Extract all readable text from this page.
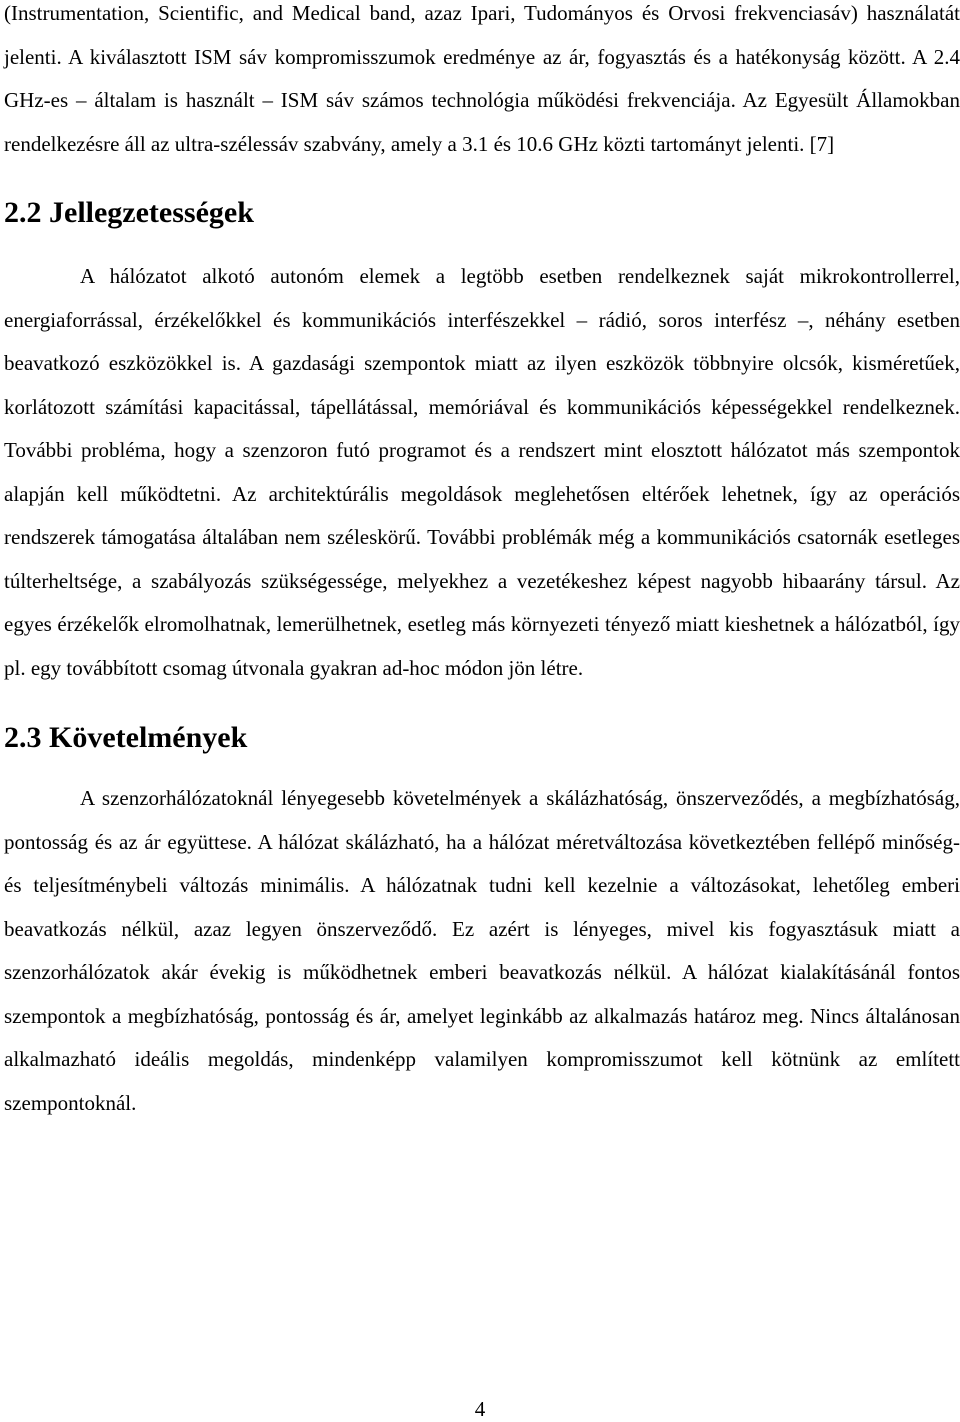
(Instrumentation, Scientific, and Medical band, azaz Ipari, Tudományos és Orvosi frekvenciasáv) használatát jelenti. A kiválasztott ISM sáv kompromisszumok eredménye az ár, fogyasztás és a hatékonyság között. A 2.4 GHz-es – általam is használt – ISM sáv számos technológia működési frekvenciája. Az Egyesült Államokban rendelkezésre áll az ultra-szélessáv szabvány, amely a 3.1 és 10.6 GHz közti tartományt jelenti. [7]

2.2 Jellegzetességek

A hálózatot alkotó autonóm elemek a legtöbb esetben rendelkeznek saját mikrokontrollerrel, energiaforrással, érzékelőkkel és kommunikációs interfészekkel – rádió, soros interfész –, néhány esetben beavatkozó eszközökkel is. A gazdasági szempontok miatt az ilyen eszközök többnyire olcsók, kisméretűek, korlátozott számítási kapacitással, tápellátással, memóriával és kommunikációs képességekkel rendelkeznek. További probléma, hogy a szenzoron futó programot és a rendszert mint elosztott hálózatot más szempontok alapján kell működtetni. Az architektúrális megoldások meglehetősen eltérőek lehetnek, így az operációs rendszerek támogatása általában nem széleskörű. További problémák még a kommunikációs csatornák esetleges túlterheltsége, a szabályozás szükségessége, melyekhez a vezetékeshez képest nagyobb hibaarány társul. Az egyes érzékelők elromolhatnak, lemerülhetnek, esetleg más környezeti tényező miatt kieshetnek a hálózatból, így pl. egy továbbított csomag útvonala gyakran ad-hoc módon jön létre.

2.3 Követelmények

A szenzorhálózatoknál lényegesebb követelmények a skálázhatóság, önszerveződés, a megbízhatóság, pontosság és az ár együttese. A hálózat skálázható, ha a hálózat méretváltozása következtében fellépő minőség- és teljesítménybeli változás minimális. A hálózatnak tudni kell kezelnie a változásokat, lehetőleg emberi beavatkozás nélkül, azaz legyen önszerveződő. Ez azért is lényeges, mivel kis fogyasztásuk miatt a szenzorhálózatok akár évekig is működhetnek emberi beavatkozás nélkül. A hálózat kialakításánál fontos szempontok a megbízhatóság, pontosság és ár, amelyet leginkább az alkalmazás határoz meg. Nincs általánosan alkalmazható ideális megoldás, mindenképp valamilyen kompromisszumot kell kötnünk az említett szempontoknál.

4
